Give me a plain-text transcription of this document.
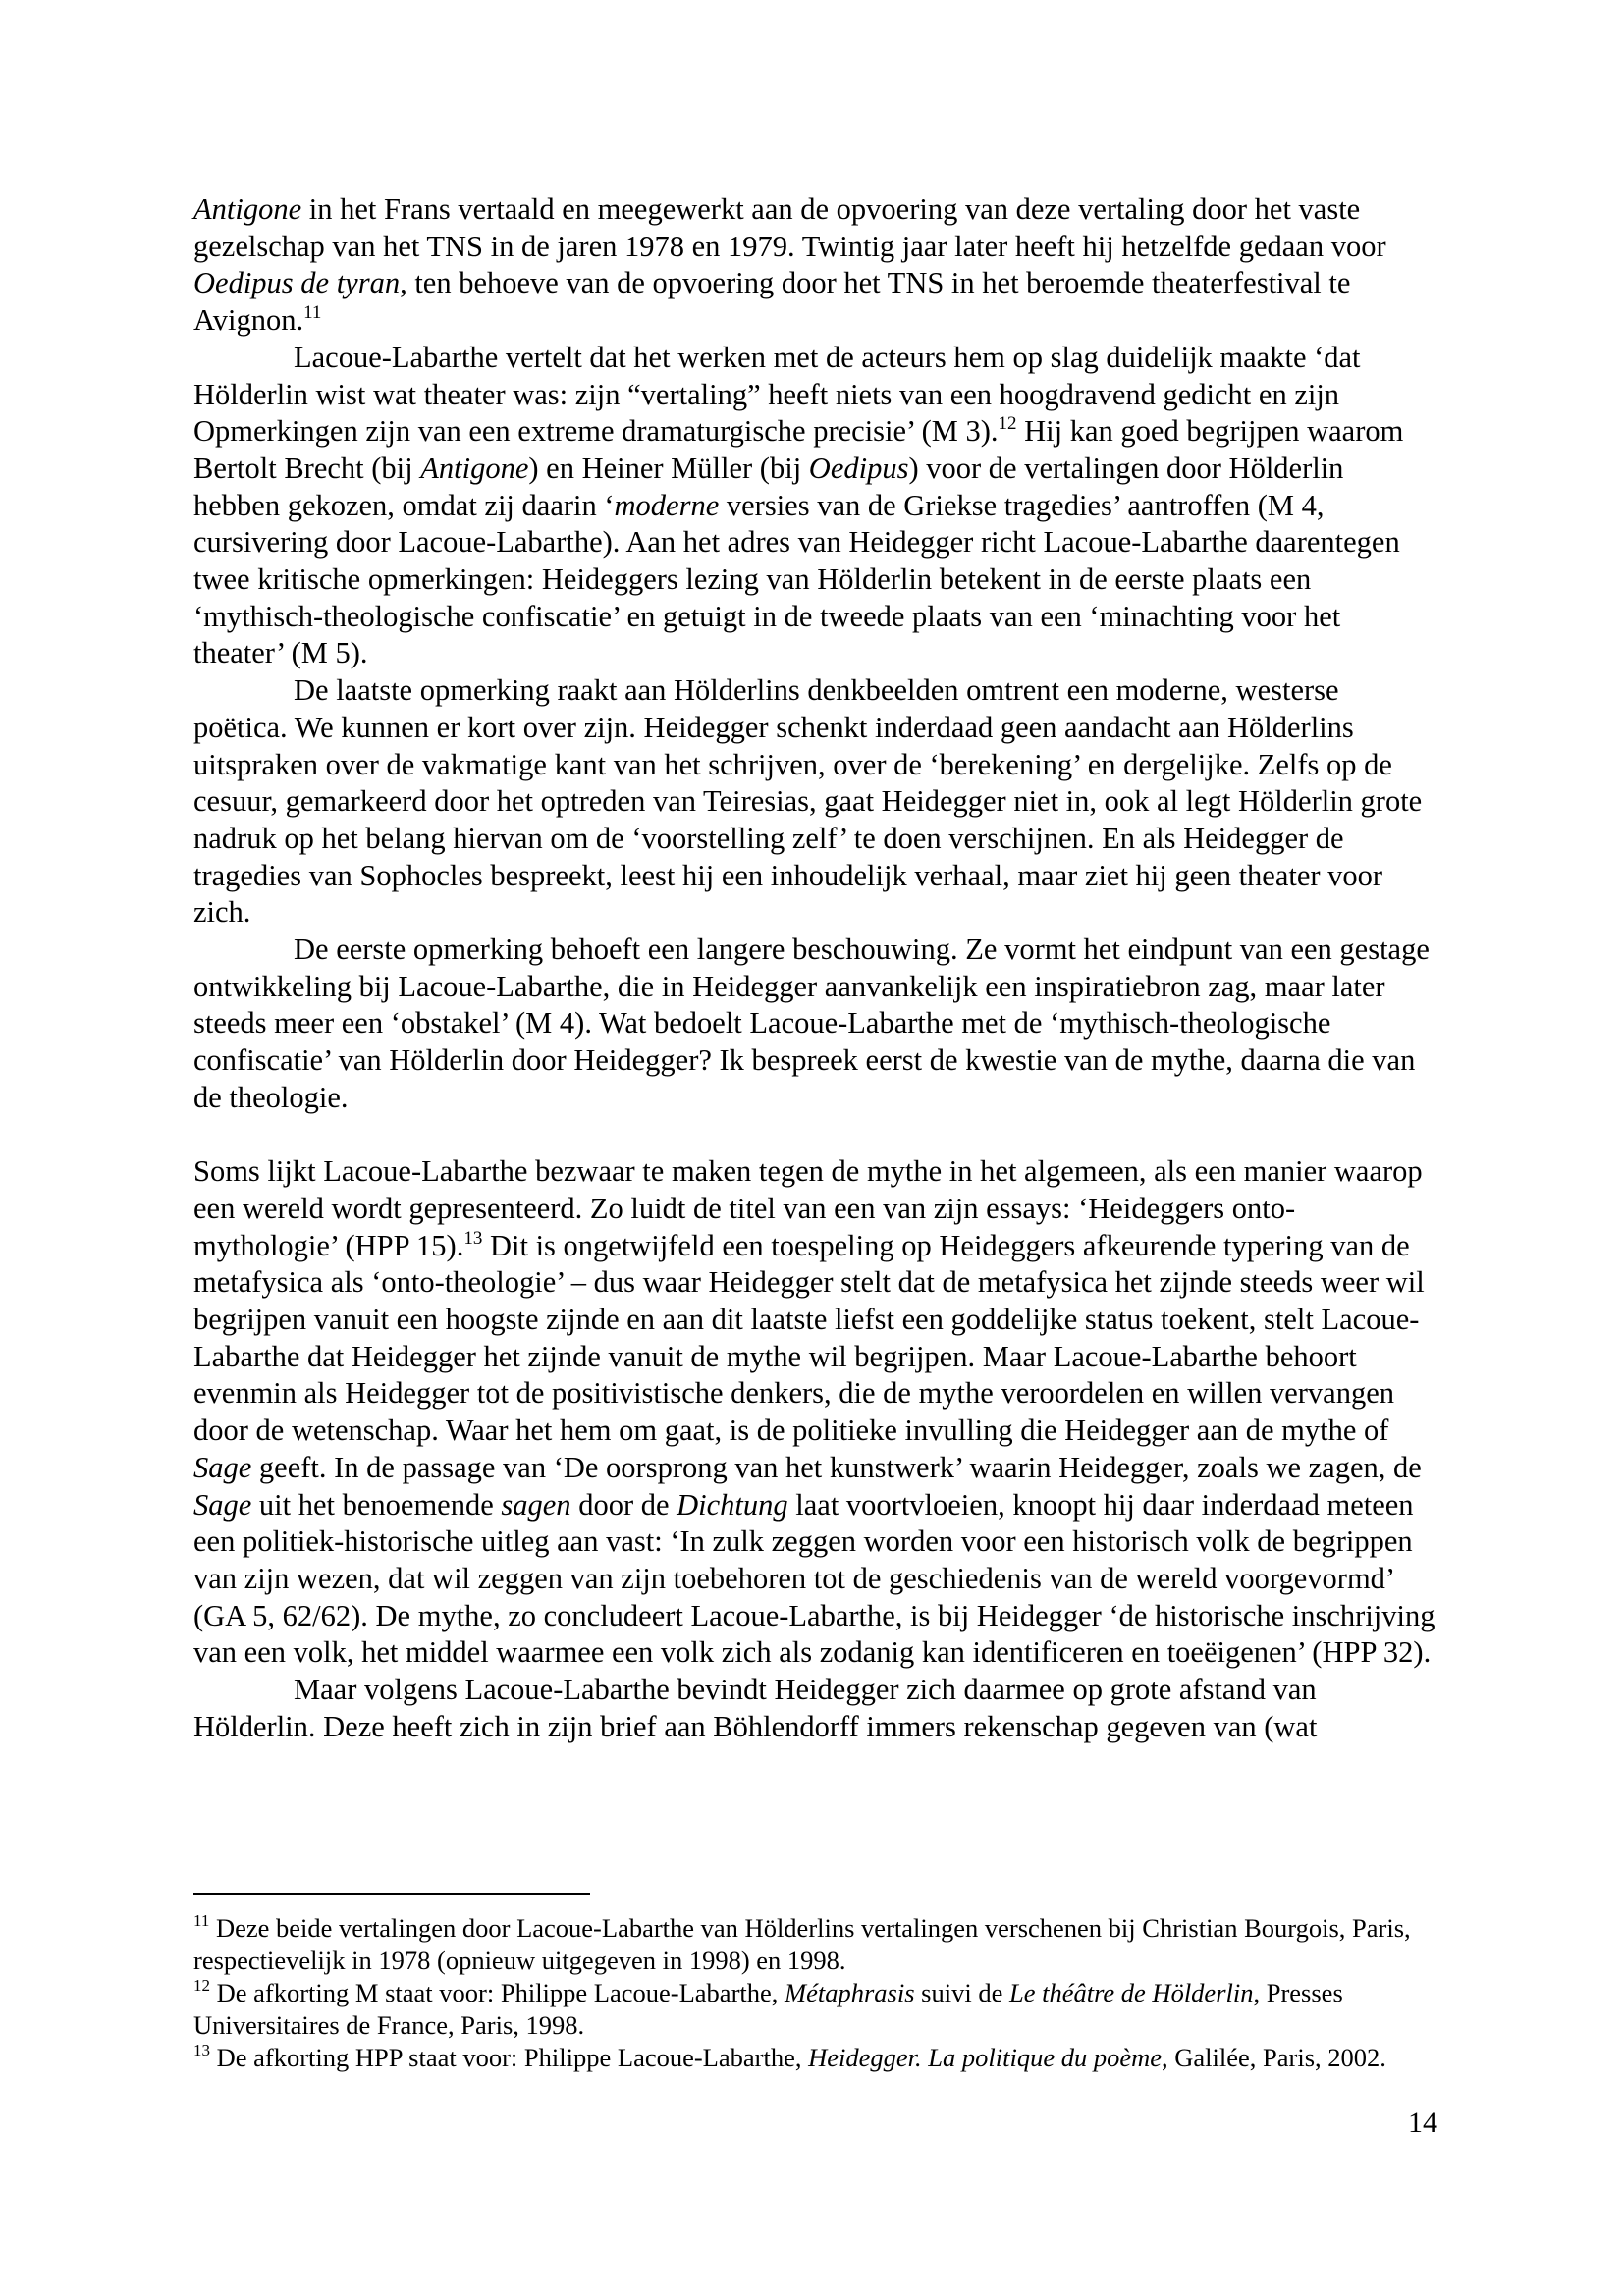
Antigone in het Frans vertaald en meegewerkt aan de opvoering van deze vertaling door het vaste gezelschap van het TNS in de jaren 1978 en 1979. Twintig jaar later heeft hij hetzelfde gedaan voor Oedipus de tyran, ten behoeve van de opvoering door het TNS in het beroemde theaterfestival te Avignon.$^{11}$

Lacoue-Labarthe vertelt dat het werken met de acteurs hem op slag duidelijk maakte ‘dat Hölderlin wist wat theater was: zijn “vertaling” heeft niets van een hoogdravend gedicht en zijn Opmerkingen zijn van een extreme dramaturgische precisie’ (M 3).$^{12}$ Hij kan goed begrijpen waarom Bertolt Brecht (bij Antigone) en Heiner Müller (bij Oedipus) voor de vertalingen door Hölderlin hebben gekozen, omdat zij daarin ‘moderne versies van de Griekse tragedies’ aantroffen (M 4, cursivering door Lacoue-Labarthe). Aan het adres van Heidegger richt Lacoue-Labarthe daarentegen twee kritische opmerkingen: Heideggers lezing van Hölderlin betekent in de eerste plaats een ‘mythisch-theologische confiscatie’ en getuigt in de tweede plaats van een ‘minachting voor het theater’ (M 5).

De laatste opmerking raakt aan Hölderlins denkbeelden omtrent een moderne, westerse poëtica. We kunnen er kort over zijn. Heidegger schenkt inderdaad geen aandacht aan Hölderlins uitspraken over de vakmatige kant van het schrijven, over de ‘berekening’ en dergelijke. Zelfs op de cesuur, gemarkeerd door het optreden van Teiresias, gaat Heidegger niet in, ook al legt Hölderlin grote nadruk op het belang hiervan om de ‘voorstelling zelf’ te doen verschijnen. En als Heidegger de tragedies van Sophocles bespreekt, leest hij een inhoudelijk verhaal, maar ziet hij geen theater voor zich.

De eerste opmerking behoeft een langere beschouwing. Ze vormt het eindpunt van een gestage ontwikkeling bij Lacoue-Labarthe, die in Heidegger aanvankelijk een inspiratiebron zag, maar later steeds meer een ‘obstakel’ (M 4). Wat bedoelt Lacoue-Labarthe met de ‘mythisch-theologische confiscatie’ van Hölderlin door Heidegger? Ik bespreek eerst de kwestie van de mythe, daarna die van de theologie.

Soms lijkt Lacoue-Labarthe bezwaar te maken tegen de mythe in het algemeen, als een manier waarop een wereld wordt gepresenteerd. Zo luidt de titel van een van zijn essays: ‘Heideggers onto-mythologie’ (HPP 15).$^{13}$ Dit is ongetwijfeld een toespeling op Heideggers afkeurende typering van de metafysica als ‘onto-theologie’ – dus waar Heidegger stelt dat de metafysica het zijnde steeds weer wil begrijpen vanuit een hoogste zijnde en aan dit laatste liefst een goddelijke status toekent, stelt Lacoue-Labarthe dat Heidegger het zijnde vanuit de mythe wil begrijpen. Maar Lacoue-Labarthe behoort evenmin als Heidegger tot de positivistische denkers, die de mythe veroordelen en willen vervangen door de wetenschap. Waar het hem om gaat, is de politieke invulling die Heidegger aan de mythe of Sage geeft. In de passage van ‘De oorsprong van het kunstwerk’ waarin Heidegger, zoals we zagen, de Sage uit het benoemende sagen door de Dichtung laat voortvloeien, knoopt hij daar inderdaad meteen een politiek-historische uitleg aan vast: ‘In zulk zeggen worden voor een historisch volk de begrippen van zijn wezen, dat wil zeggen van zijn toebehoren tot de geschiedenis van de wereld voorgevormd’ (GA 5, 62/62). De mythe, zo concludeert Lacoue-Labarthe, is bij Heidegger ‘de historische inschrijving van een volk, het middel waarmee een volk zich als zodanig kan identificeren en toeëigenen’ (HPP 32).

Maar volgens Lacoue-Labarthe bevindt Heidegger zich daarmee op grote afstand van Hölderlin. Deze heeft zich in zijn brief aan Böhlendorff immers rekenschap gegeven van (wat

$^{11}$ Deze beide vertalingen door Lacoue-Labarthe van Hölderlins vertalingen verschenen bij Christian Bourgois, Paris, respectievelijk in 1978 (opnieuw uitgegeven in 1998) en 1998.

$^{12}$ De afkorting M staat voor: Philippe Lacoue-Labarthe, Métaphrasis suivi de Le théâtre de Hölderlin, Presses Universitaires de France, Paris, 1998.

$^{13}$ De afkorting HPP staat voor: Philippe Lacoue-Labarthe, Heidegger. La politique du poème, Galilée, Paris, 2002.

14
